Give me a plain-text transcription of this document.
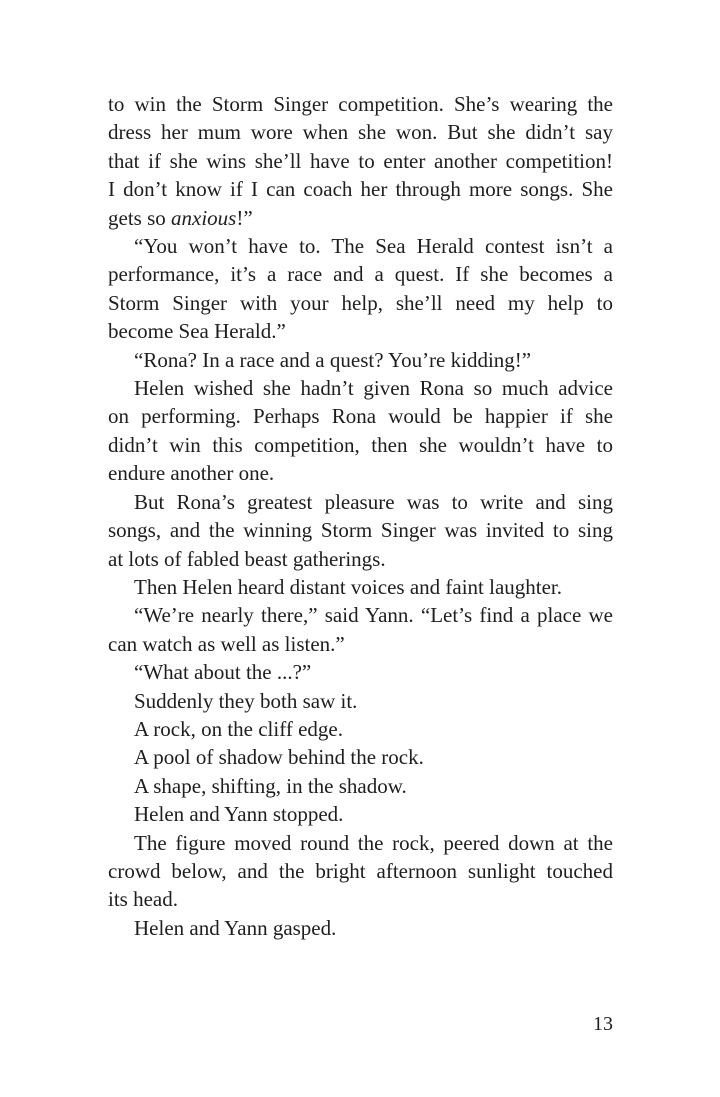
to win the Storm Singer competition. She’s wearing the
dress her mum wore when she won. But she didn’t say
that if she wins she’ll have to enter another competition!
I don’t know if I can coach her through more songs. She
gets so anxious!”
“You won’t have to. The Sea Herald contest isn’t a
performance, it’s a race and a quest. If she becomes a
Storm Singer with your help, she’ll need my help to
become Sea Herald.”
“Rona? In a race and a quest? You’re kidding!”
Helen wished she hadn’t given Rona so much advice
on performing. Perhaps Rona would be happier if she
didn’t win this competition, then she wouldn’t have to
endure another one.
But Rona’s greatest pleasure was to write and sing
songs, and the winning Storm Singer was invited to sing
at lots of fabled beast gatherings.
Then Helen heard distant voices and faint laughter.
“We’re nearly there,” said Yann. “Let’s find a place we
can watch as well as listen.”
“What about the ...?”
Suddenly they both saw it.
A rock, on the cliff edge.
A pool of shadow behind the rock.
A shape, shifting, in the shadow.
Helen and Yann stopped.
The figure moved round the rock, peered down at the
crowd below, and the bright afternoon sunlight touched
its head.
Helen and Yann gasped.
13
